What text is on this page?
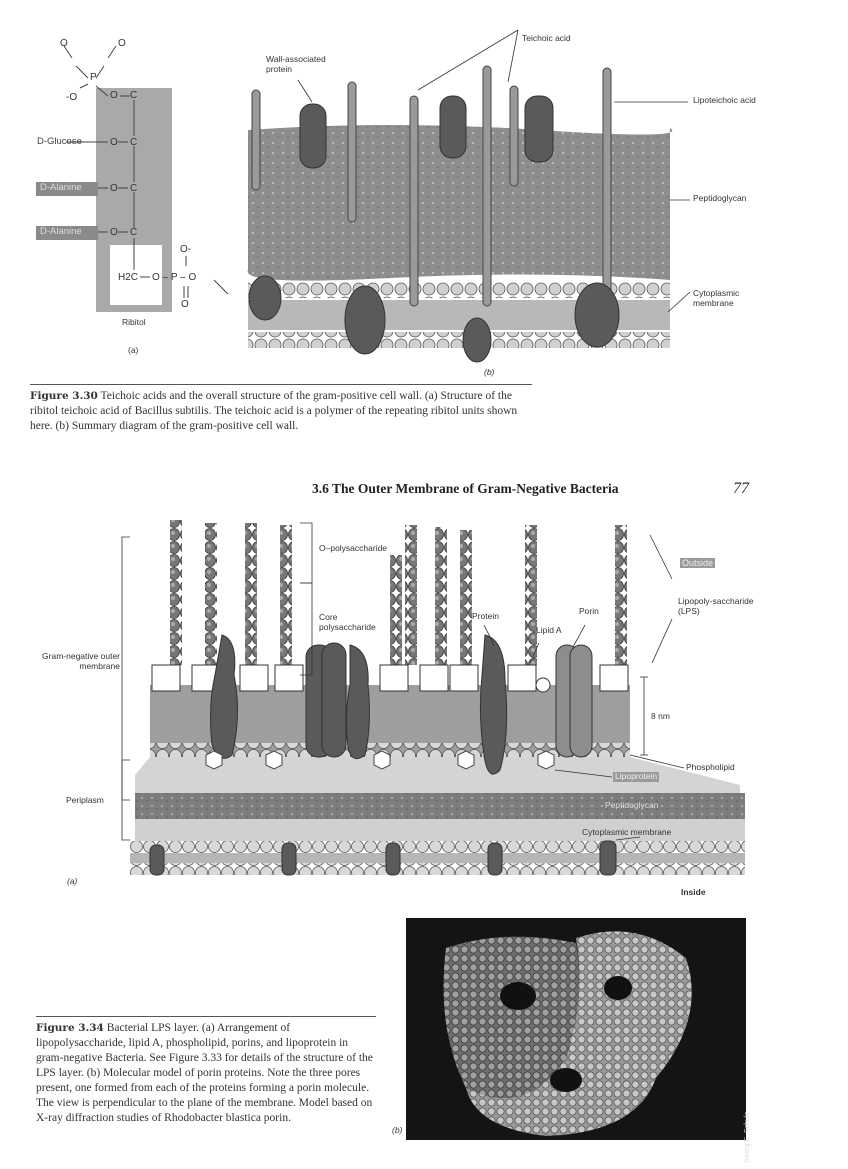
O	O
P
-O	O C
D-Glucose	O C
D-Alanine	O C
D-Alanine	O C
O-
H2C O – P – O
O
Ribitol
(a)
Teichoic acid
Wall-associated protein
Lipoteichoic acid
Peptidoglycan
Cytoplasmic membrane
(b)
Figure 3.30 Teichoic acids and the overall structure of the gram-positive cell wall. (a) Structure of the ribitol teichoic acid of Bacillus subtilis. The teichoic acid is a polymer of the repeating ribitol units shown here. (b) Summary diagram of the gram-positive cell wall.
3.6 The Outer Membrane of Gram-Negative Bacteria	77
O–polysaccharide
Core polysaccharide
Protein	Porin
Lipid A
Outside
Lipopoly-saccharide (LPS)
Gram-negative outer membrane
8 nm
Phospholipid
Lipoprotein
Peptidoglycan
Periplasm
Cytoplasmic membrane
Inside
(a)
Georg E. Schulz
(b)
Figure 3.34 Bacterial LPS layer. (a) Arrangement of lipopolysaccharide, lipid A, phospholipid, porins, and lipoprotein in gram-negative Bacteria. See Figure 3.33 for details of the structure of the LPS layer. (b) Molecular model of porin proteins. Note the three pores present, one formed from each of the proteins forming a porin molecule. The view is perpendicular to the plane of the membrane. Model based on X-ray diffraction studies of Rhodobacter blastica porin.
